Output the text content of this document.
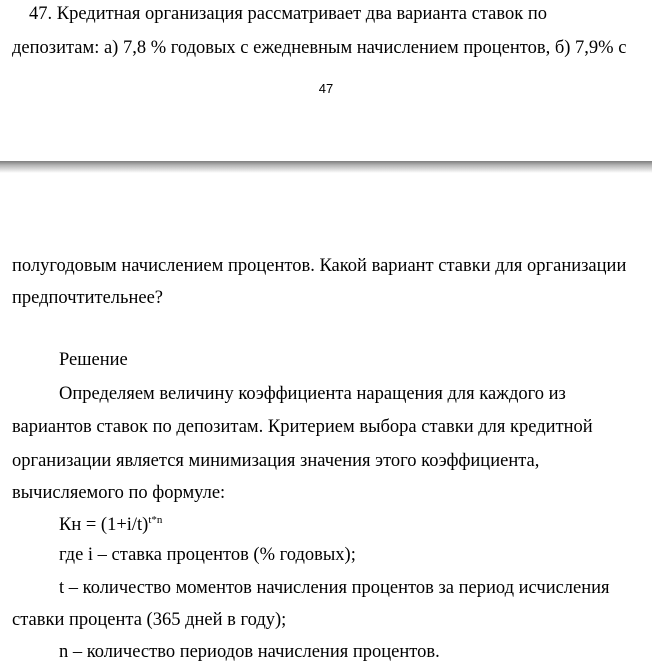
47. Кредитная организация рассматривает два варианта ставок по
депозитам: а) 7,8 % годовых с ежедневным начислением процентов, б) 7,9% с
47
полугодовым начислением процентов. Какой вариант ставки для организации
предпочтительнее?
Решение
Определяем величину коэффициента наращения для каждого из
вариантов ставок по депозитам. Критерием выбора ставки для кредитной
организации является минимизация значения этого коэффициента,
вычисляемого по формуле:
Кн = $(1+i/t)^{t*n}$
где i – ставка процентов (% годовых);
t – количество моментов начисления процентов за период исчисления
ставки процента (365 дней в году);
n – количество периодов начисления процентов.
